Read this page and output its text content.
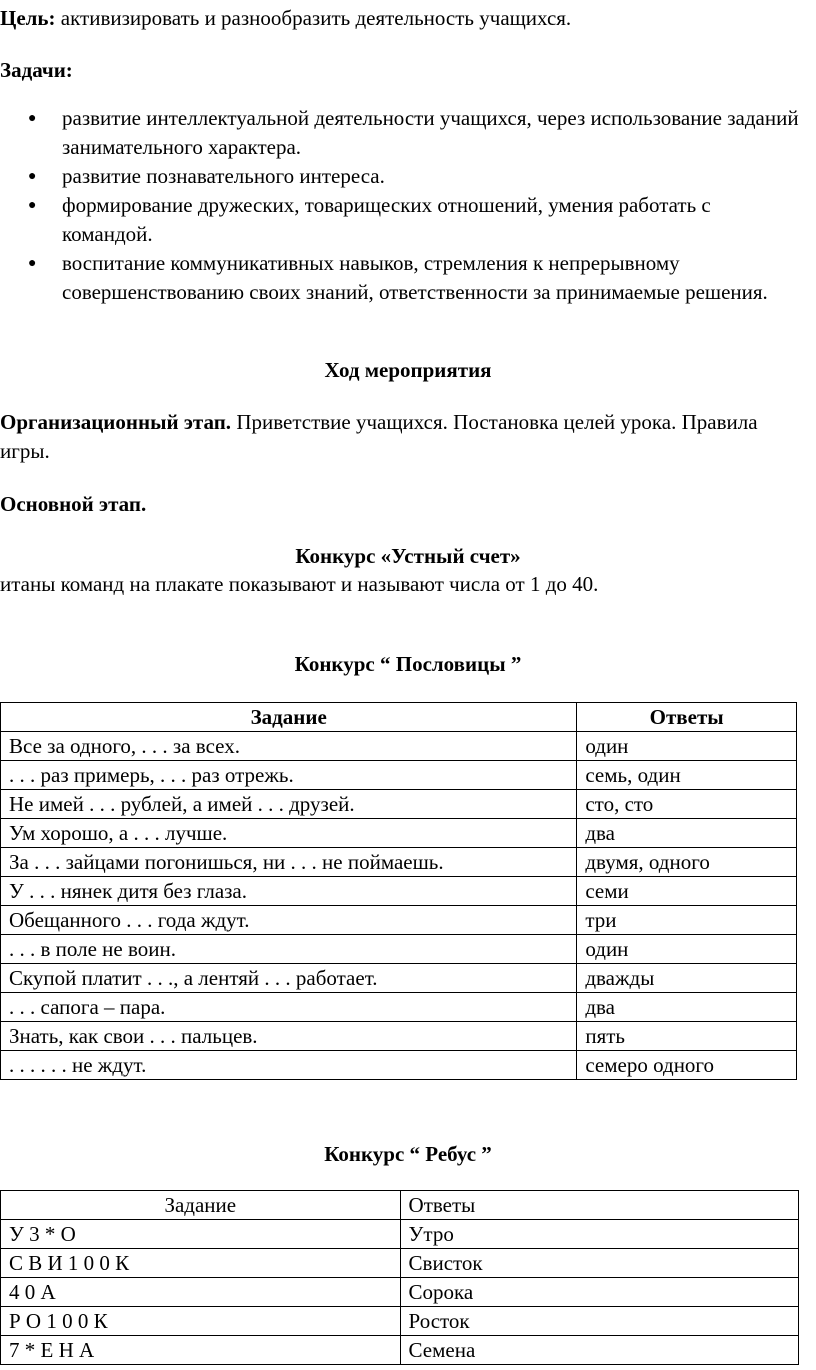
Цель: активизировать и разнообразить деятельность учащихся.
Задачи:
● развитие интеллектуальной деятельности учащихся, через использование заданий занимательного характера.
● развитие познавательного интереса.
● формирование дружеских, товарищеских отношений, умения работать с командой.
● воспитание коммуникативных навыков, стремления к непрерывному совершенствованию своих знаний, ответственности за принимаемые решения.
Ход мероприятия
Организационный этап. Приветствие учащихся. Постановка целей урока. Правила игры.
Основной этап.
Конкурс «Устный счет»
итаны команд на плакате показывают и называют числа от 1 до 40.
Конкурс “ Пословицы ”
Задание	Ответы
Все за одного, . . . за всех.	один
. . . раз примерь, . . . раз отрежь.	семь, один
Не имей . . . рублей, а имей . . . друзей.	сто, сто
Ум хорошо, а . . . лучше.	два
За . . . зайцами погонишься, ни . . . не поймаешь.	двумя, одного
У . . . нянек дитя без глаза.	семи
Обещанного . . . года ждут.	три
. . . в поле не воин.	один
Скупой платит . . ., а лентяй . . . работает.	дважды
. . . сапога – пара.	два
Знать, как свои . . . пальцев.	пять
. . . . . . не ждут.	семеро одного
Конкурс “ Ребус ”
Задание	Ответы
У 3 * О	Утро
С В И 1 0 0 К	Свисток
4 0 А	Сорока
Р О 1 0 0 К	Росток
7 * Е Н А	Семена
